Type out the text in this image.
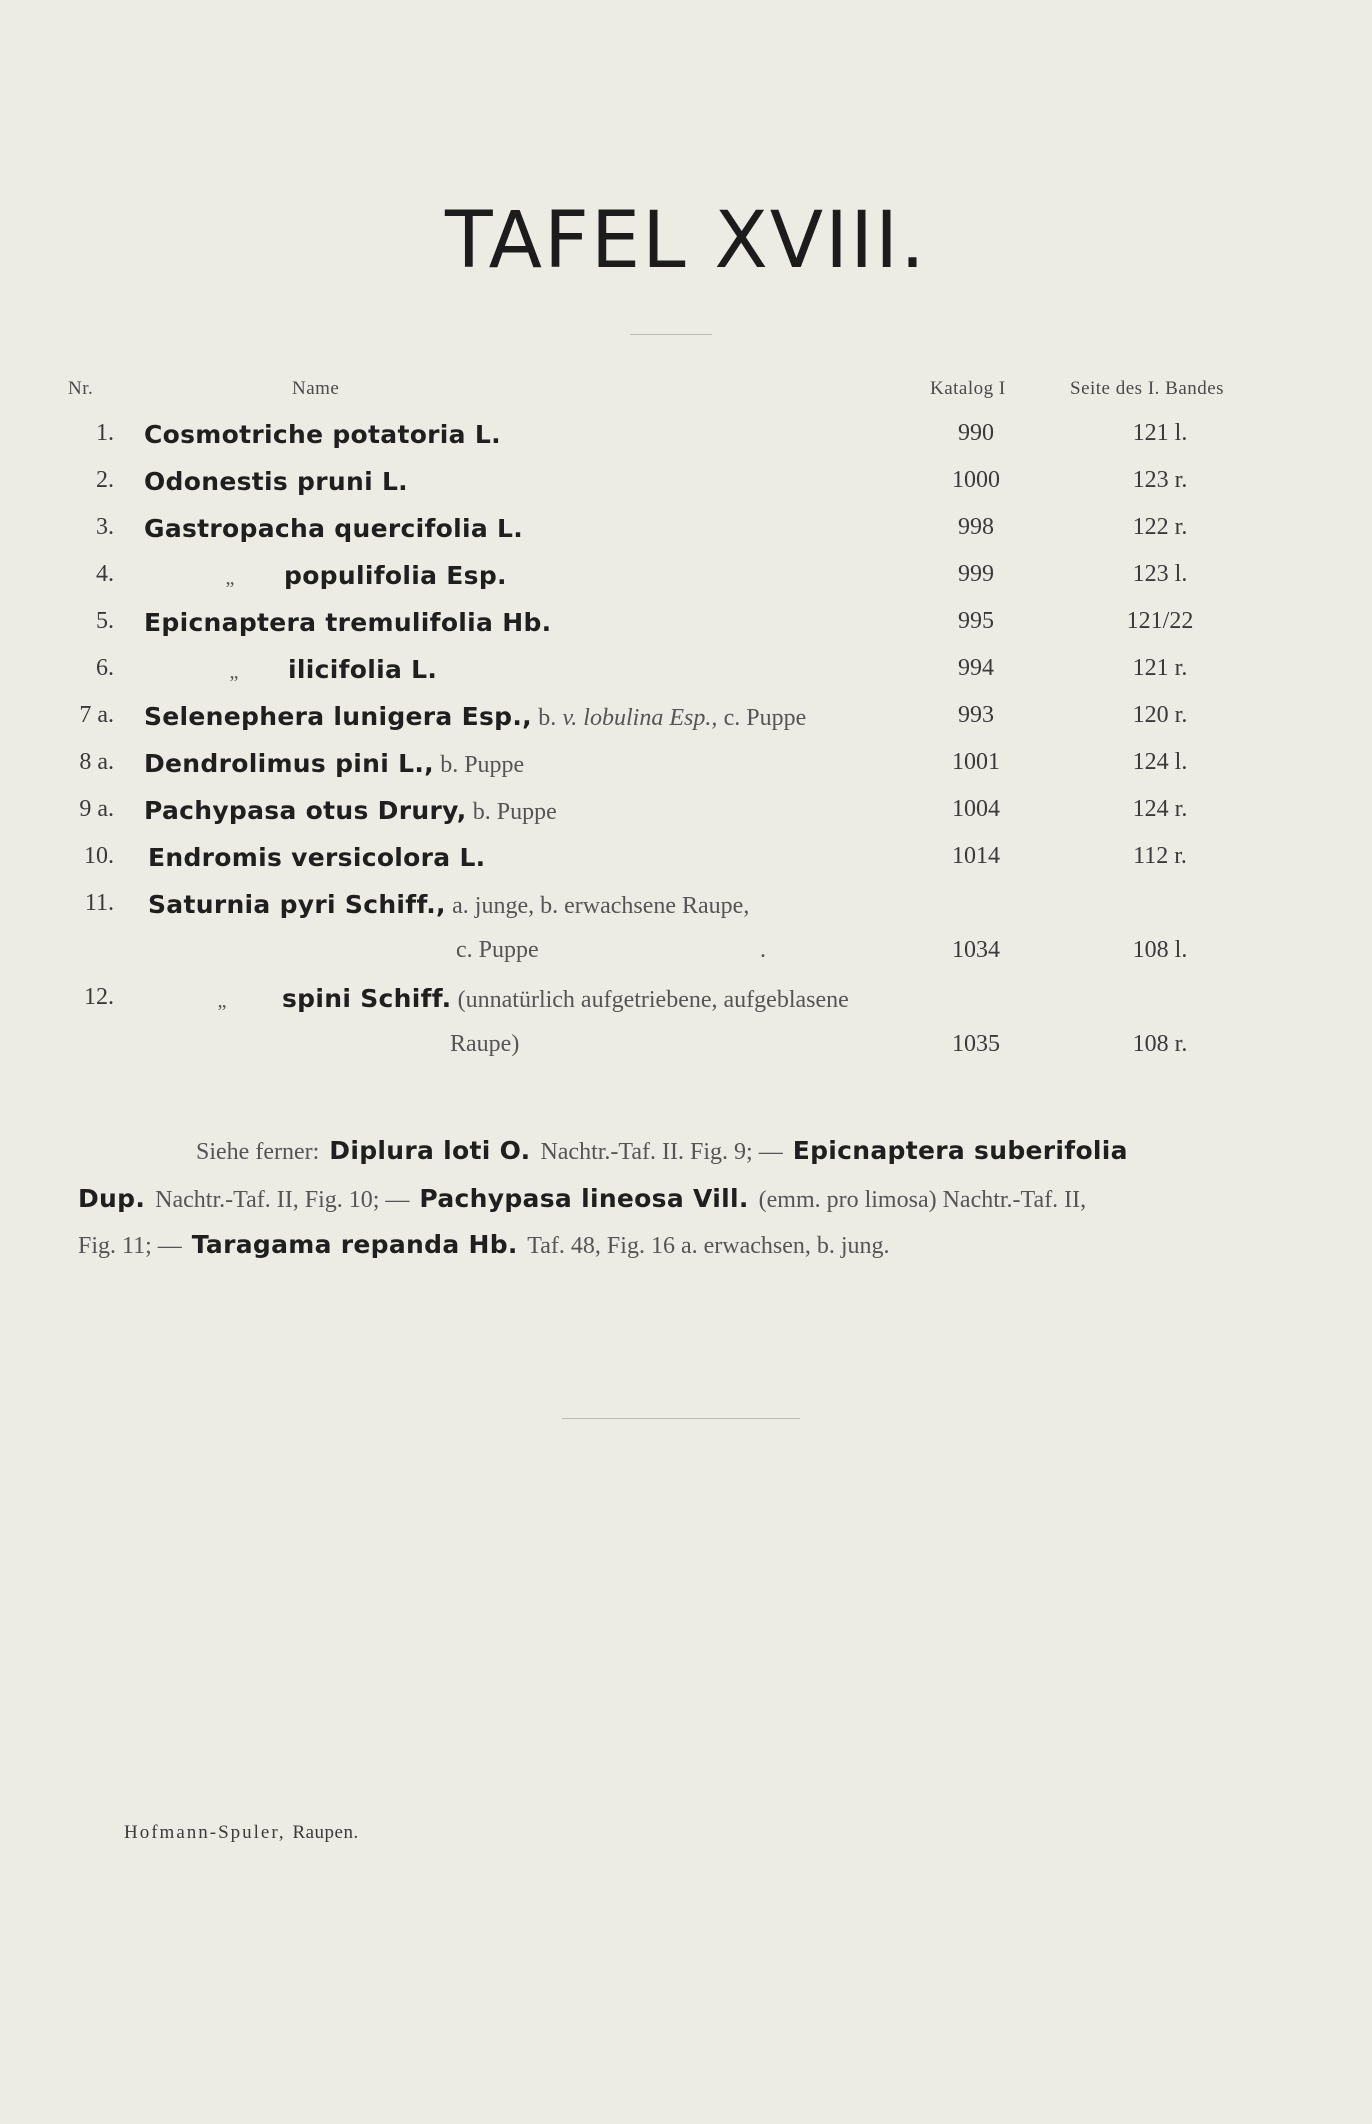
TAFEL XVIII.
Nr.	Name	Katalog I	Seite des I. Bandes
1. Cosmotriche potatoria L.	990	121 l.
2. Odonestis pruni L.	1000	123 r.
3. Gastropacha quercifolia L.	998	122 r.
4.	„ populifolia Esp.	999	123 l.
5. Epicnaptera tremulifolia Hb.	995	121/22
6.	„ ilicifolia L.	994	121 r.
7 a. Selenephera lunigera Esp., b. v. lobulina Esp., c. Puppe	993	120 r.
8 a. Dendrolimus pini L., b. Puppe	1001	124 l.
9 a. Pachypasa otus Drury, b. Puppe	1004	124 r.
10. Endromis versicolora L.	1014	112 r.
11. Saturnia pyri Schiff., a. junge, b. erwachsene Raupe,
c. Puppe	.	1034	108 l.
12.	„ spini Schiff. (unnatürlich aufgetriebene, aufgeblasene
Raupe)	1035	108 r.
Siehe ferner: Diplura loti O. Nachtr.-Taf. II. Fig. 9; — Epicnaptera suberifolia
Dup. Nachtr.-Taf. II, Fig. 10; — Pachypasa lineosa Vill. (emm. pro limosa) Nachtr.-Taf. II,
Fig. 11; — Taragama repanda Hb. Taf. 48, Fig. 16 a. erwachsen, b. jung.
Hofmann-Spuler, Raupen.
